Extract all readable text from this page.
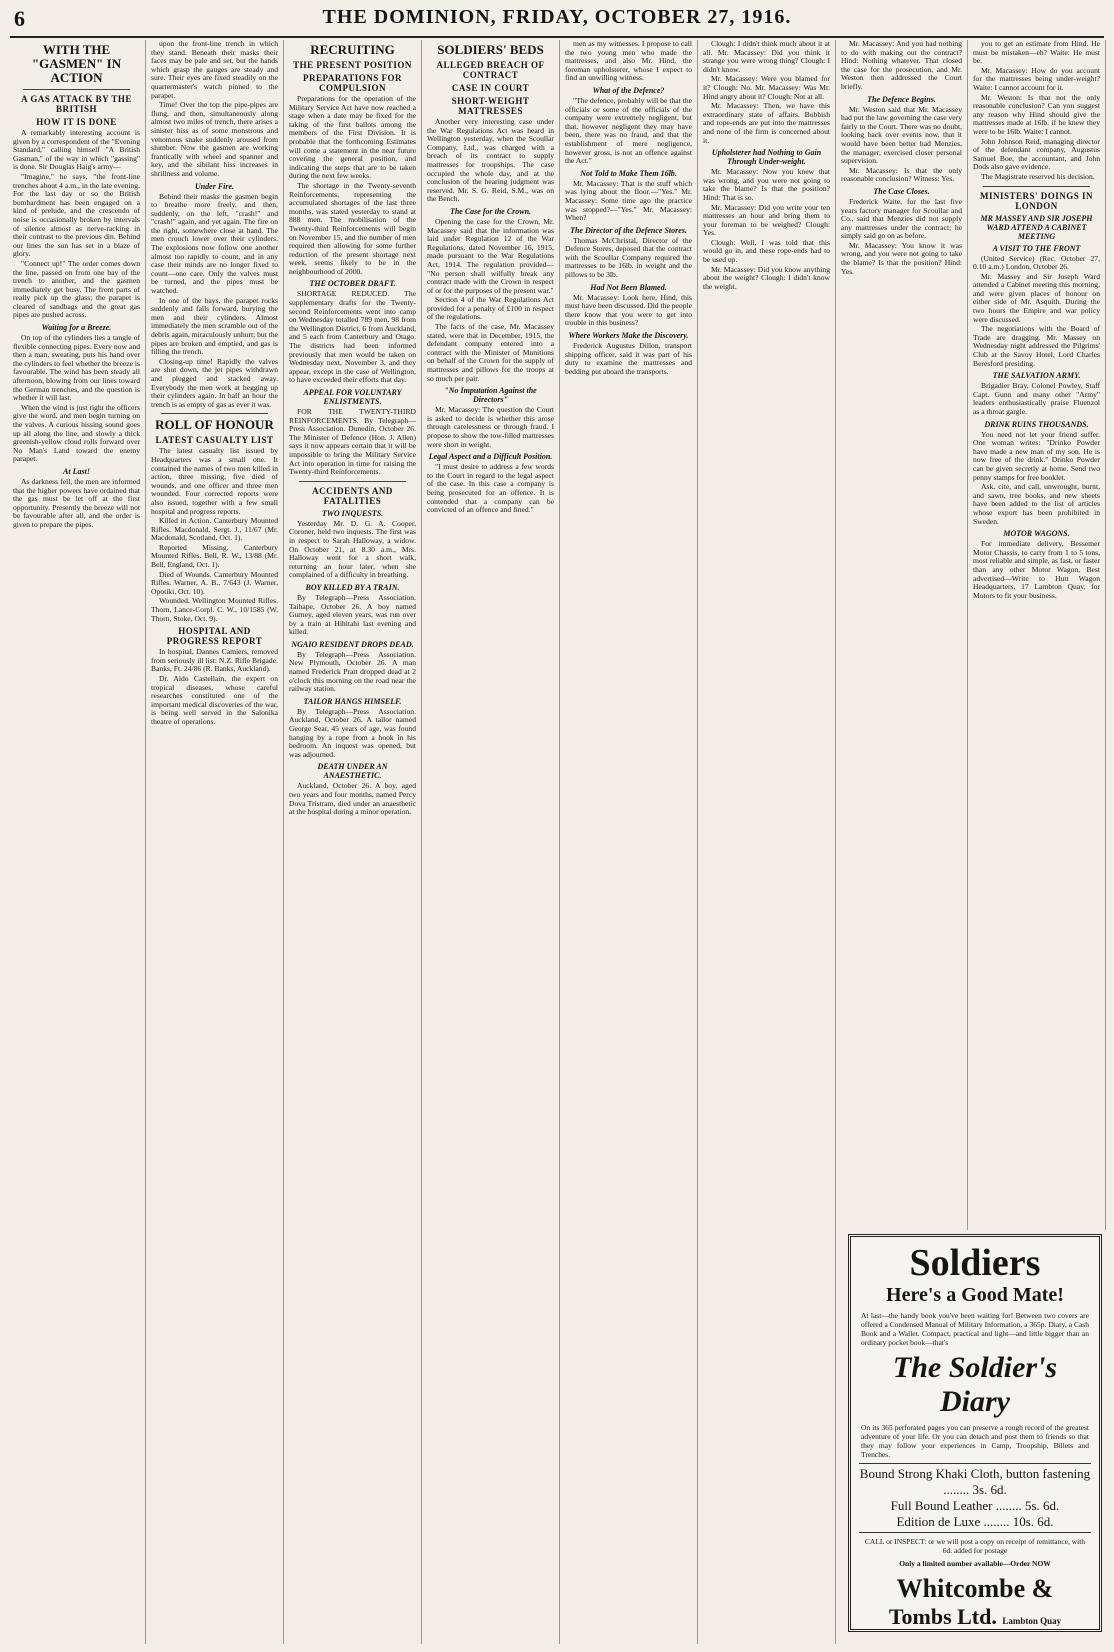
6	THE DOMINION, FRIDAY, OCTOBER 27, 1916.
WITH THE "GASMEN" IN ACTION
A GAS ATTACK BY THE BRITISH
HOW IT IS DONE

A remarkably interesting account is given by a correspondent of the "Evening Standard," calling himself "A British Gasman," of the way in which "gassing" is done. Sir Douglas Haig's army—

"Imagine," he says, "the front-line trenches about 4 a.m., in the late evening. For the last day or so the British bombardment has been engaged on a kind of prelude, and the crescendo of noise is occasionally broken by intervals of silence almost as nerve-racking in their contrast to the previous din. Behind our lines the sun has set in a blaze of glory.

"Connect up!" The order comes down the line, passed on from one bay of the trench to another, and the gasmen immediately get busy. The front parts of really pick up the glass; the parapet is cleared of sandbags and the great gas pipes are pushed across.

Waiting for a Breeze.

On top of the cylinders lies a tangle of flexible connecting pipes. Every now and then a man, sweating, puts his hand over the cylinders to feel whether the breeze is favourable. The wind has been steady all afternoon, blowing from our lines toward the German trenches, and the question is whether it will last.

When the wind is just right the officers give the word, and men begin turning on the valves. A curious hissing sound goes up all along the line, and slowly a thick greenish-yellow cloud rolls forward over No Man's Land toward the enemy parapet.

At Last!

As darkness fell, the men are informed that the higher powers have ordained that the gas must be let off at the first opportunity. Presently the breeze will not be favourable after all, and the order is given to prepare the pipes.

upon the front-line trench in which they stand. Beneath their masks their faces may be pale and set, but the hands which grasp the gauges are steady and sure. Their eyes are fixed steadily on the quartermaster's watch pinned to the parapet.

Time! Over the top the pipe-pipes are flung, and then, simultaneously along almost two miles of trench, there arises a sinister hiss as of some monstrous and venomous snake suddenly aroused from slumber. Now the gasmen are working frantically with wheel and spanner and key, and the sibilant hiss increases in shrillness and volume.

Under Fire.

Behind their masks the gasmen begin to breathe more freely, and then, suddenly, on the left, "crash!" and "crash!" again, and yet again. The fire on the right, somewhere close at hand. The men crouch lower over their cylinders. The explosions now follow one another almost too rapidly to count, and in any case their minds are no longer fixed to count—one care. Only the valves must be turned, and the pipes must be watched.

In one of the bays, the parapet rocks suddenly and falls forward, burying the men and their cylinders. Almost immediately the men scramble out of the debris again, miraculously unhurt; but the pipes are broken and emptied, and gas is filling the trench.

Closing-up time! Rapidly the valves are shut down, the jet pipes withdrawn and plugged and stacked away. Everybody the men work at hegging up their cylinders again. In half an hour the trench is as empty of gas as ever it was.

ROLL OF HONOUR
LATEST CASUALTY LIST

The latest casualty list issued by Headquarters was a small one. It contained the names of two men killed in action, three missing, five died of wounds, and one officer and three men wounded. Four corrected reports were also issued, together with a few small hospital and progress reports.

Killed in Action. Canterbury Mounted Rifles. Macdonald, Sergt. J., 11/67 (Mr. Macdonald, Scotland, Oct. 1).

Reported Missing. Canterbury Mounted Rifles. Bell, R. W., 13/88 (Mr. Bell, England, Oct. 1).

Died of Wounds. Canterbury Mounted Rifles. Warner, A. B., 7/643 (J. Warner, Opotiki, Oct. 10).

Wounded. Wellington Mounted Rifles. Thorn, Lance-Corpl. C. W., 10/1585 (W. Thorn, Stoke, Oct. 9).

HOSPITAL AND PROGRESS REPORT

In hospital, Dannes Camiers, removed from seriously ill list: N.Z. Rifle Brigade. Banks, Ft. 24/86 (R. Banks, Auckland).

Dr. Aldo Castellain, the expert on tropical diseases, whose careful researches constituted one of the important medical discoveries of the war, is being well served in the Salonika theatre of operations.

RECRUITING
THE PRESENT POSITION
PREPARATIONS FOR COMPULSION

Preparations for the operation of the Military Service Act have now reached a stage when a date may be fixed for the taking of the first ballots among the members of the First Division. It is probable that the forthcoming Estimates will come a statement in the near future covering the general position, and indicating the steps that are to be taken during the next few weeks.

The shortage in the Twenty-seventh Reinforcements, representing the accumulated shortages of the last three months, was stated yesterday to stand at 888 men. The mobilisation of the Twenty-third Reinforcements will begin on November 15, and the number of men required then allowing for some further reduction of the present shortage next week, seems likely to be in the neighbourhood of 2000.

THE OCTOBER DRAFT.

SHORTAGE REDUCED. The supplementary drafts for the Twenty-second Reinforcements went into camp on Wednesday totalled 789 men, 98 from the Wellington District, 6 from Auckland, and 5 each from Canterbury and Otago. The districts had been informed previously that men would be taken on Wednesday next, November 3, and they appear, except in the case of Wellington, to have exceeded their efforts that day.

APPEAL FOR VOLUNTARY ENLISTMENTS.

FOR THE TWENTY-THIRD REINFORCEMENTS. By Telegraph—Press Association. Dunedin, October 26. The Minister of Defence (Hon. J. Allen) says it now appears certain that it will be impossible to bring the Military Service Act into operation in time for raising the Twenty-third Reinforcements.

ACCIDENTS AND FATALITIES
TWO INQUESTS.

Yesterday Mr. D. G. A. Cooper, Coroner, held two inquests. The first was in respect to Sarah Halloway, a widow. On October 21, at 8.30 a.m., Mrs. Halloway went for a short walk, returning an hour later, when she complained of a difficulty in breathing.

BOY KILLED BY A TRAIN.

By Telegraph—Press Association. Taihape, October 26. A boy named Gurney, aged eleven years, was run over by a train at Hihitahi last evening and killed.

NGAIO RESIDENT DROPS DEAD.

By Telegraph—Press Association. New Plymouth, October 26. A man named Frederick Pratt dropped dead at 2 o'clock this morning on the road near the railway station.

TAILOR HANGS HIMSELF.

By Telegraph—Press Association. Auckland, October 26. A tailor named George Sear, 45 years of age, was found hanging by a rope from a hook in his bedroom. An inquest was opened, but was adjourned.

DEATH UNDER AN ANAESTHETIC.

Auckland, October 26. A boy, aged two years and four months, named Percy Dova Tristram, died under an anaesthetic at the hospital during a minor operation.

SOLDIERS' BEDS
ALLEGED BREACH OF CONTRACT
CASE IN COURT
SHORT-WEIGHT MATTRESSES

Another very interesting case under the War Regulations Act was heard in Wellington yesterday, when the Scoullar Company, Ltd., was charged with a breach of its contract to supply mattresses for troopships. The case occupied the whole day, and at the conclusion of the hearing judgment was reserved. Mr. S. G. Reid, S.M., was on the Bench.

The Case for the Crown.

Opening the case for the Crown, Mr. Macassey said that the information was laid under Regulation 12 of the War Regulations, dated November 16, 1915, made pursuant to the War Regulations Act, 1914. The regulation provided— "No person shall wilfully break any contract made with the Crown in respect of or for the purposes of the present war."

Section 4 of the War Regulations Act provided for a penalty of £100 in respect of the regulations.

The facts of the case, Mr. Macassey stated, were that in December, 1915, the defendant company entered into a contract with the Minister of Munitions on behalf of the Crown for the supply of mattresses and pillows for the troops at so much per pair.

"No Imputation Against the Directors"

Mr. Macassey: The question the Court is asked to decide is whether this arose through carelessness or through fraud. I propose to show the tow-filled mattresses were short in weight.

Legal Aspect and a Difficult Position.

"I must desire to address a few words to the Court in regard to the legal aspect of the case. In this case a company is being prosecuted for an offence. It is contended that a company can be convicted of an offence and fined."

men as my witnesses. I propose to call the two young men who made the mattresses, and also Mr. Hind, the foreman upholsterer, whose I expect to find an unwilling witness.

What of the Defence?

"The defence, probably will be that the officials or some of the officials of the company were extremely negligent, but that, however negligent they may have been, there was no fraud, and that the establishment of mere negligence, however gross, is not an offence against the Act."

Not Told to Make Them 16lb.

Mr. Macassey: That is the stuff which was lying about the floor.—"Yes." Mr. Macassey: Some time ago the practice was stopped?—"Yes." Mr. Macassey: When?

The Director of the Defence Stores.

Thomas McChristal, Director of the Defence Stores, deposed that the contract with the Scoullar Company required the mattresses to be 16lb. in weight and the pillows to be 3lb.

Had Not Been Blamed.

Mr. Macassey: Look here, Hind, this must have been discussed. Did the people there know that you were to get into trouble in this business?

Where Workers Make the Discovery.

Frederick Augustus Dillon, transport shipping officer, said it was part of his duty to examine the mattresses and bedding put aboard the transports.

Clough: I didn't think much about it at all. Mr. Macassey: Did you think it strange you were wrong thing? Clough: I didn't know.

Mr. Macassey: Were you blamed for it? Clough: No. Mr. Macassey: Was Mr. Hind angry about it? Clough: Not at all.

Mr. Macassey: Then, we have this extraordinary state of affairs. Bubbish and rope-ends are put into the mattresses and none of the firm is concerned about it.

Upholsterer had Nothing to Gain Through Under-weight.

Mr. Macassey: Now you knew that was wrong, and you were not going to take the blame? Is that the position? Hind: That is so.

Mr. Macassey: Did you write your ten mattresses an hour and bring them to your foreman to be weighed? Clough: Yes.

Clough: Well, I was told that this would go in, and these rope-ends had to be used up.

Mr. Macassey: Did you know anything about the weight? Clough: I didn't know the weight.

Mr. Macassey: And you had nothing to do with making out the contract? Hind: Nothing whatever. That closed the case for the prosecution, and Mr. Weston then addressed the Court briefly.

The Defence Begins.

Mr. Weston said that Mr. Macassey had put the law governing the case very fairly to the Court. There was no doubt, looking back over events now, that it would have been better had Menzies, the manager, exercised closer personal supervision.

Mr. Macassey: Is that the only reasonable conclusion? Witness: Yes.

The Case Closes.

Frederick Waite, for the last five years factory manager for Scoullar and Co., said that Menzies did not supply any mattresses under the contract; he simply said go on as before.

Mr. Macassey: You know it was wrong, and you were not going to take the blame? Is that the position? Hind: Yes.

you to get an estimate from Hind. He must be mistaken—eh? Waite: He must be.

Mr. Macassey: How do you account for the mattresses being under-weight? Waite: I cannot account for it.

Mr. Weston: Is that not the only reasonable conclusion? Can you suggest any reason why Hind should give the mattresses made at 16lb. if he knew they were to be 16lb. Waite: I cannot.

John Johnson Reid, managing director of the defendant company, Augustus Samuel Boe, the accountant, and John Dods also gave evidence.

The Magistrate reserved his decision.

MINISTERS' DOINGS IN LONDON
MR MASSEY AND SIR JOSEPH WARD ATTEND A CABINET MEETING
A VISIT TO THE FRONT

(United Service) (Rec. October 27, 0.10 a.m.) London, October 26.

Mr. Massey and Sir Joseph Ward attended a Cabinet meeting this morning, and were given places of honour on either side of Mr. Asquith. During the two hours the Empire and war policy were discussed.

The negotiations with the Board of Trade are dragging. Mr. Massey on Wednesday night addressed the Pilgrims' Club at the Savoy Hotel, Lord Charles Beresford presiding.

THE SALVATION ARMY.

Brigadier Bray, Colonel Powley, Staff Capt. Gunn and many other "Army" leaders enthusiastically praise Fluenzol as a throat gargle.

DRINK RUINS THOUSANDS.

You need not let your friend suffer. One woman writes: "Drinko Powder have made a new man of my son. He is now free of the drink." Drinko Powder can be given secretly at home. Send two penny stamps for free booklet.

Ask, cite, and call, unwrought, burnt, and sawn, tree books, and new sheets have been added to the list of articles whose export has been prohibited in Sweden.

MOTOR WAGONS.

For immediate delivery, Bessemer Motor Chassis, to carry from 1 to 5 tons, most reliable and simple, as fast, or faster than any other Motor Wagon, Best advertised—Write to Hutt Wagon Headquarters, 17 Lambton Quay, for Motors to fit your business.

Soldiers
Here's a Good Mate!
At last—the handy book you've been waiting for! Between two covers are offered a Condensed Manual of Military Information, a 365p. Diary, a Cash Book and a Wallet. Compact, practical and light—and little bigger than an ordinary pocket book—that's
The Soldier's Diary
On its 365 perforated pages you can preserve a rough record of the greatest adventure of your life. Or you can detach and post them to friends so that they may follow your experiences in Camp, Troopship, Billets and Trenches.
Bound Strong Khaki Cloth, button fastening ........ 3s. 6d.
Full Bound Leather ........ 5s. 6d.
Edition de Luxe ........ 10s. 6d.
CALL or INSPECT: or we will post a copy on receipt of remittance, with 6d. added for postage
Only a limited number available—Order NOW
Whitcombe &
Tombs Ltd. Lambton Quay
